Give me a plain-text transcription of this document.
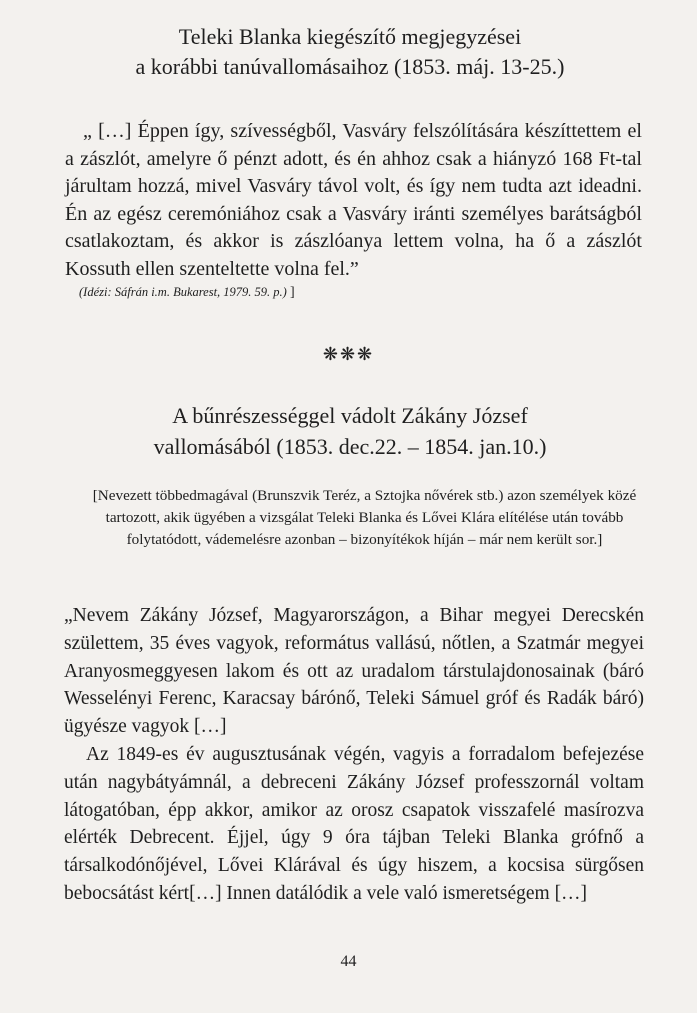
Teleki Blanka kiegészítő megjegyzései
a korábbi tanúvallomásaihoz (1853. máj. 13-25.)

„ […] Éppen így, szívességből, Vasváry felszólítására készíttettem el a zászlót, amelyre ő pénzt adott, és én ahhoz csak a hiányzó 168 Ft-tal járultam hozzá, mivel Vasváry távol volt, és így nem tudta azt ideadni. Én az egész ceremóniához csak a Vasváry iránti személyes barátságból csatlakoztam, és akkor is zászlóanya lettem volna, ha ő a zászlót Kossuth ellen szenteltette volna fel.”

(Idézi: Sáfrán i.m. Bukarest, 1979. 59. p.) ]
❋❋❋
A bűnrészességgel vádolt Zákány József
vallomásából (1853. dec.22. – 1854. jan.10.)
[Nevezett többedmagával (Brunszvik Teréz, a Sztojka nővérek stb.) azon személyek közé tartozott, akik ügyében a vizsgálat Teleki Blanka és Lővei Klára elítélése után tovább folytatódott, vádemelésre azonban – bizonyítékok híján – már nem került sor.]

„Nevem Zákány József, Magyarországon, a Bihar megyei Derecskén születtem, 35 éves vagyok, református vallású, nőtlen, a Szatmár megyei Aranyosmeggyesen lakom és ott az uradalom társtulajdonosainak (báró Wesselényi Ferenc, Karacsay bárónő, Teleki Sámuel gróf és Radák báró) ügyésze vagyok […]

Az 1849-es év augusztusának végén, vagyis a forradalom befejezése után nagybátyámnál, a debreceni Zákány József professzornál voltam látogatóban, épp akkor, amikor az orosz csapatok visszafelé masírozva elérték Debrecent. Éjjel, úgy 9 óra tájban Teleki Blanka grófnő a társalkodónőjével, Lővei Klárával és úgy hiszem, a kocsisa sürgősen bebocsátást kért[…] Innen datálódik a vele való ismeretségem […]

44
